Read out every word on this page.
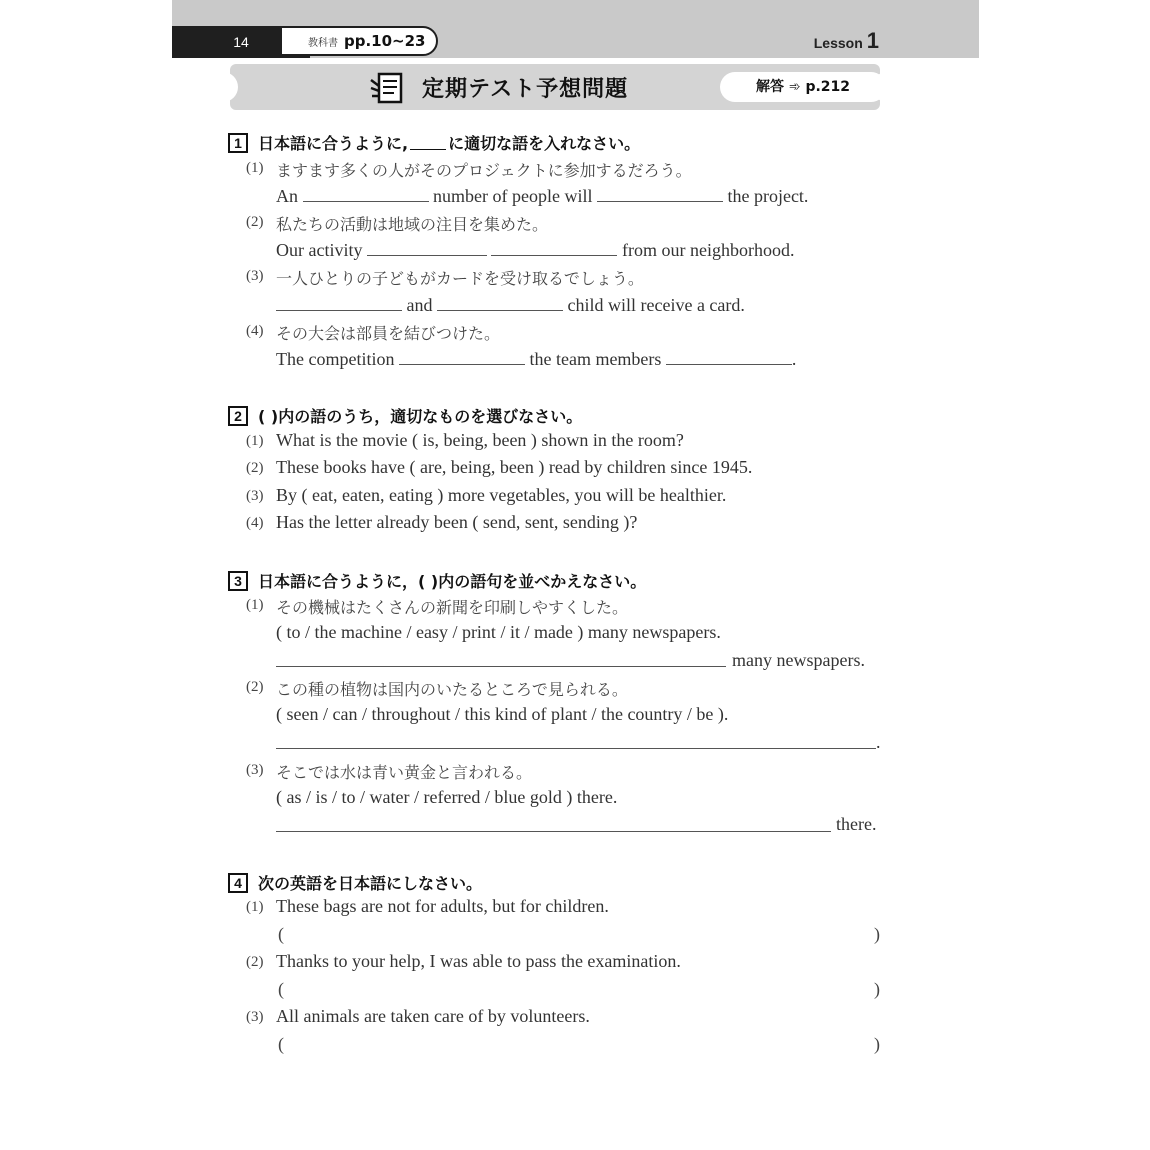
14	教科書 pp.10~23	Lesson 1
定期テスト予想問題	解答 ➾ p.212
1	日本語に合うように,	に適切な語を入れなさい。
(1) ますます多くの人がそのプロジェクトに参加するだろう。
An	number of people will	the project.
(2) 私たちの活動は地域の注目を集めた。
Our activity	from our neighborhood.
(3) 一人ひとりの子どもがカードを受け取るでしょう。
and	child will receive a card.
(4) その大会は部員を結びつけた。
The competition	the team members	.
2	( )内の語のうち，適切なものを選びなさい。
(1) What is the movie ( is, being, been ) shown in the room?
(2) These books have ( are, being, been ) read by children since 1945.
(3) By ( eat, eaten, eating ) more vegetables, you will be healthier.
(4) Has the letter already been ( send, sent, sending )?
3	日本語に合うように，( )内の語句を並べかえなさい。
(1) その機械はたくさんの新聞を印刷しやすくした。
( to / the machine / easy / print / it / made ) many newspapers.
many newspapers.
(2) この種の植物は国内のいたるところで見られる。
( seen / can / throughout / this kind of plant / the country / be ).
.
(3) そこでは水は青い黄金と言われる。
( as / is / to / water / referred / blue gold ) there.
there.
4	次の英語を日本語にしなさい。
(1) These bags are not for adults, but for children.
(	)
(2) Thanks to your help, I was able to pass the examination.
(	)
(3) All animals are taken care of by volunteers.
(	)
